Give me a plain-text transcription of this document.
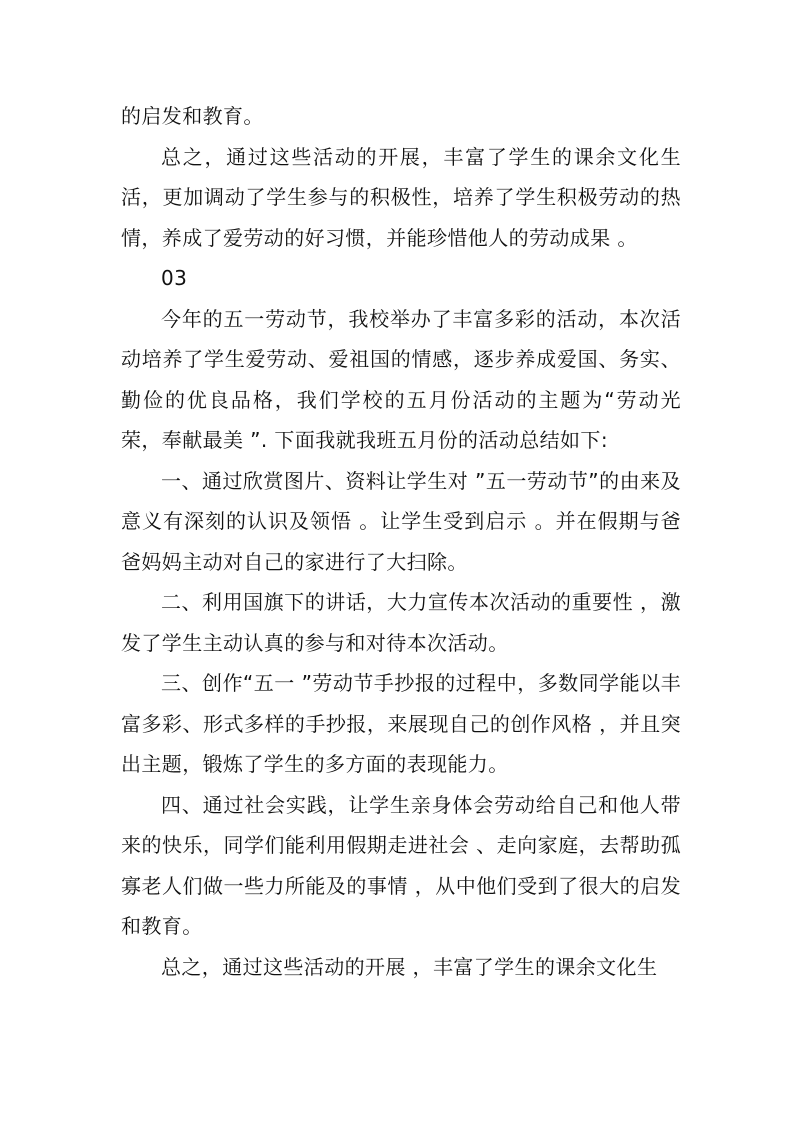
的启发和教育。

总之，通过这些活动的开展，丰富了学生的课余文化生活，更加调动了学生参与的积极性，培养了学生积极劳动的热情，养成了爱劳动的好习惯，并能珍惜他人的劳动成果 。

03

今年的五一劳动节，我校举办了丰富多彩的活动，本次活动培养了学生爱劳动、爱祖国的情感，逐步养成爱国、务实、勤俭的优良品格，我们学校的五月份活动的主题为“劳动光荣，奉献最美 ”. 下面我就我班五月份的活动总结如下:

一、通过欣赏图片、资料让学生对 ”五一劳动节”的由来及意义有深刻的认识及领悟 。让学生受到启示 。并在假期与爸爸妈妈主动对自己的家进行了大扫除。

二、利用国旗下的讲话，大力宣传本次活动的重要性 ，激发了学生主动认真的参与和对待本次活动。

三、创作“五一 ”劳动节手抄报的过程中，多数同学能以丰富多彩、形式多样的手抄报，来展现自己的创作风格 ，并且突出主题，锻炼了学生的多方面的表现能力。

四、通过社会实践，让学生亲身体会劳动给自己和他人带来的快乐，同学们能利用假期走进社会 、走向家庭，去帮助孤寡老人们做一些力所能及的事情 ，从中他们受到了很大的启发和教育。

总之，通过这些活动的开展 ，丰富了学生的课余文化生
